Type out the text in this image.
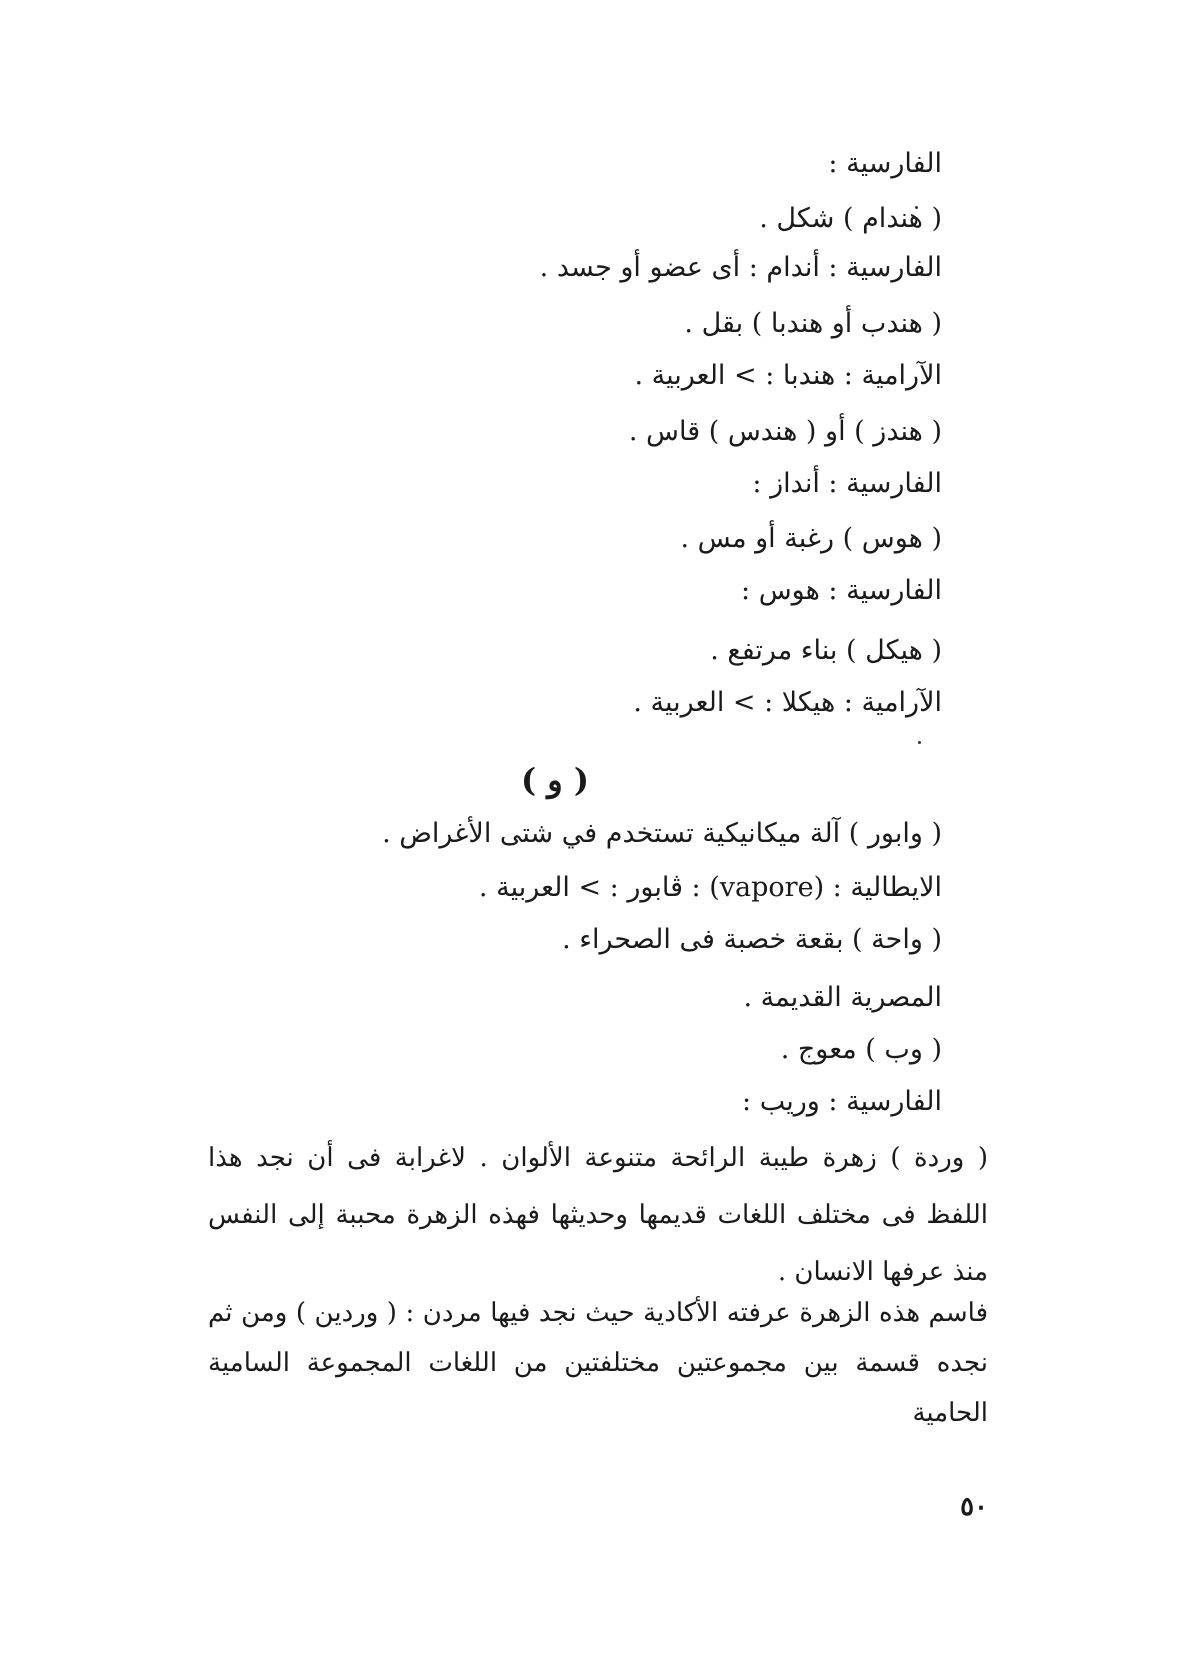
الفارسية :
( هندام ) شكل .
الفارسية : أندام : أى عضو أو جسد .
( هندب أو هندبا ) بقل .
الآرامية : هندبا : > العربية .
( هندز ) أو ( هندس ) قاس .
الفارسية : أنداز :
( هوس ) رغبة أو مس .
الفارسية : هوس :
( هيكل ) بناء مرتفع .
الآرامية : هيكلا : > العربية .
( و )
( وابور ) آلة ميكانيكية تستخدم في شتى الأغراض .
الايطالية : (vapore) : ڤابور : > العربية .
( واحة ) بقعة خصبة فى الصحراء .
المصرية القديمة .
( وب ) معوج .
الفارسية : وريب :
( وردة ) زهرة طيبة الرائحة متنوعة الألوان . لاغرابة فى أن نجد هذا اللفظ فى مختلف اللغات قديمها وحديثها فهذه الزهرة محببة إلى النفس منذ عرفها الانسان .
فاسم هذه الزهرة عرفته الأكادية حيث نجد فيها مردن : ( وردين ) ومن ثم نجده قسمة بين مجموعتين مختلفتين من اللغات المجموعة السامية الحامية
٥٠
